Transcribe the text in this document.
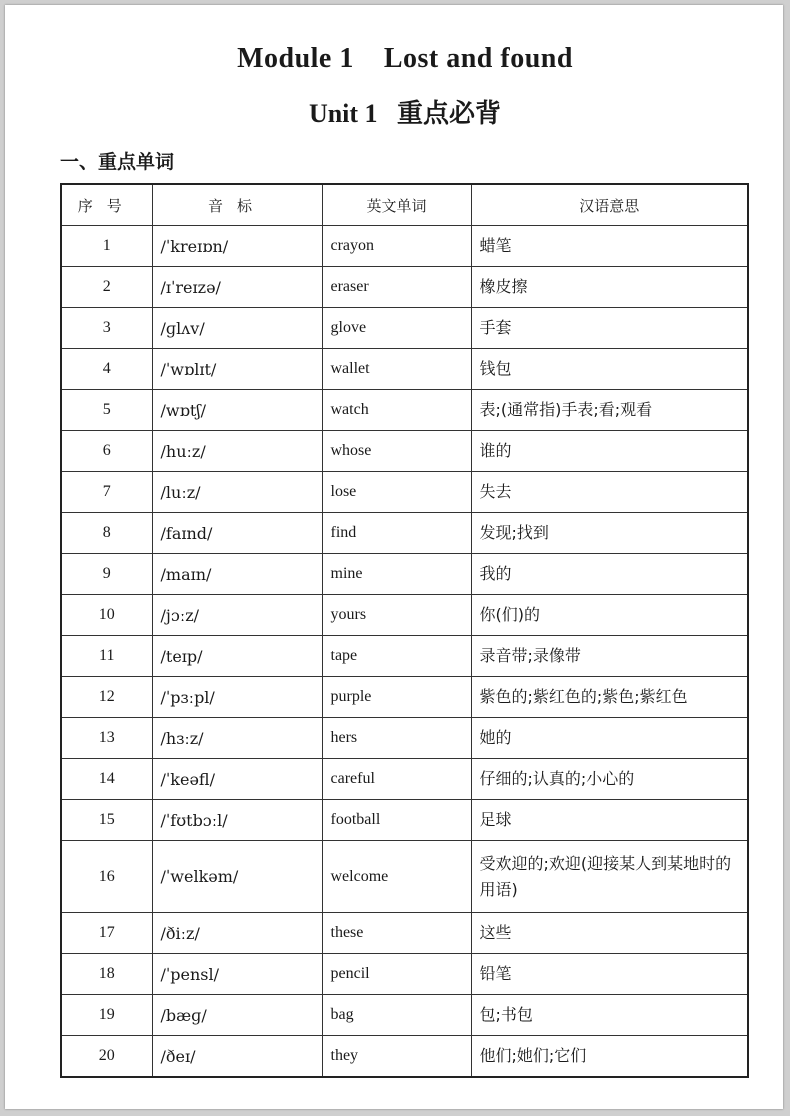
Module 1    Lost and found
Unit 1   重点必背
一、重点单词
序号	音标	英文单词	汉语意思
1	/ˈkreɪɒn/	crayon	蜡笔
2	/ɪˈreɪzə/	eraser	橡皮擦
3	/ɡlʌv/	glove	手套
4	/ˈwɒlɪt/	wallet	钱包
5	/wɒtʃ/	watch	表;(通常指)手表;看;观看
6	/huːz/	whose	谁的
7	/luːz/	lose	失去
8	/faɪnd/	find	发现;找到
9	/maɪn/	mine	我的
10	/jɔːz/	yours	你(们)的
11	/teɪp/	tape	录音带;录像带
12	/ˈpɜːpl/	purple	紫色的;紫红色的;紫色;紫红色
13	/hɜːz/	hers	她的
14	/ˈkeəfl/	careful	仔细的;认真的;小心的
15	/ˈfʊtbɔːl/	football	足球
16	/ˈwelkəm/	welcome	受欢迎的;欢迎(迎接某人到某地时的用语)
17	/ðiːz/	these	这些
18	/ˈpensl/	pencil	铅笔
19	/bæɡ/	bag	包;书包
20	/ðeɪ/	they	他们;她们;它们
